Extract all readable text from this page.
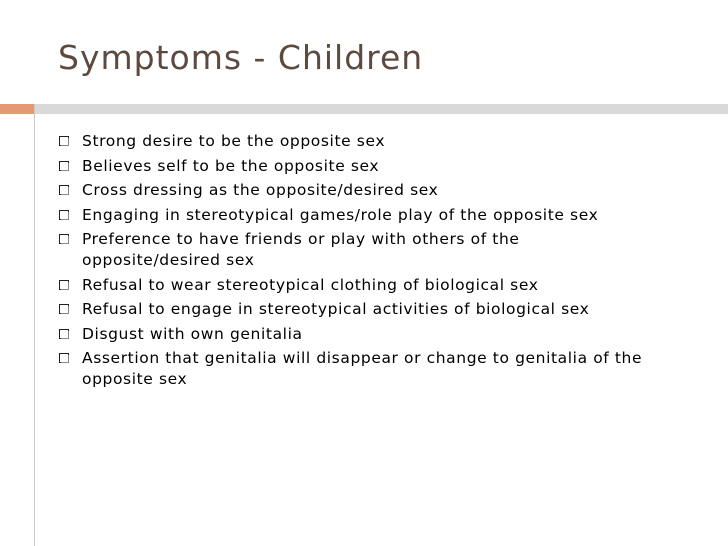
Symptoms - Children
Strong desire to be the opposite sex
Believes self to be the opposite sex
Cross dressing as the opposite/desired sex
Engaging in stereotypical games/role play of the opposite sex
Preference to have friends or play with others of the
opposite/desired sex
Refusal to wear stereotypical clothing of biological sex
Refusal to engage in stereotypical activities of biological sex
Disgust with own genitalia
Assertion that genitalia will disappear or change to genitalia of the
opposite sex
